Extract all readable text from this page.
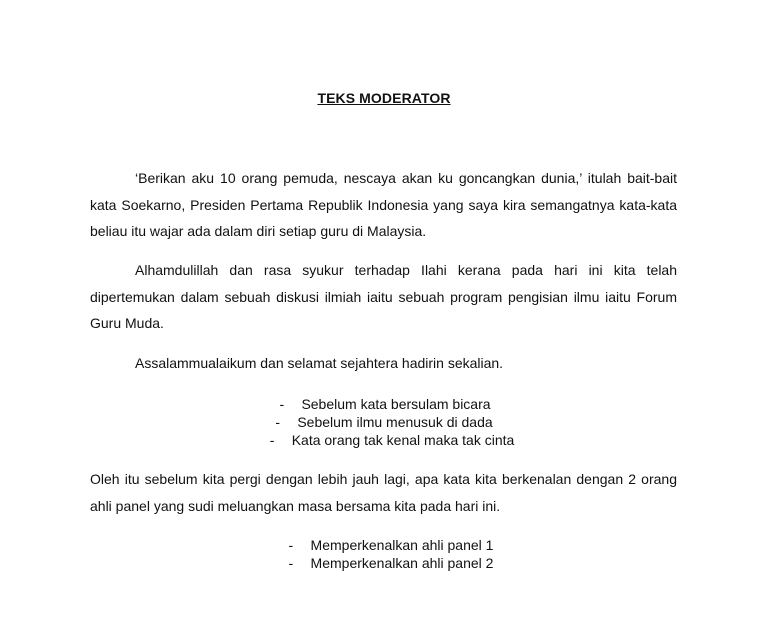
TEKS MODERATOR
‘Berikan aku 10 orang pemuda, nescaya akan ku goncangkan dunia,’ itulah bait-bait kata Soekarno, Presiden Pertama Republik Indonesia yang saya kira semangatnya kata-kata beliau itu wajar ada dalam diri setiap guru di Malaysia.
Alhamdulillah dan rasa syukur terhadap Ilahi kerana pada hari ini kita telah dipertemukan dalam sebuah diskusi ilmiah iaitu sebuah program pengisian ilmu iaitu Forum Guru Muda.
Assalammualaikum dan selamat sejahtera hadirin sekalian.
- Sebelum kata bersulam bicara
- Sebelum ilmu menusuk di dada
- Kata orang tak kenal maka tak cinta
Oleh itu sebelum kita pergi dengan lebih jauh lagi, apa kata kita berkenalan dengan 2 orang ahli panel yang sudi meluangkan masa bersama kita pada hari ini.
- Memperkenalkan ahli panel 1
- Memperkenalkan ahli panel 2
